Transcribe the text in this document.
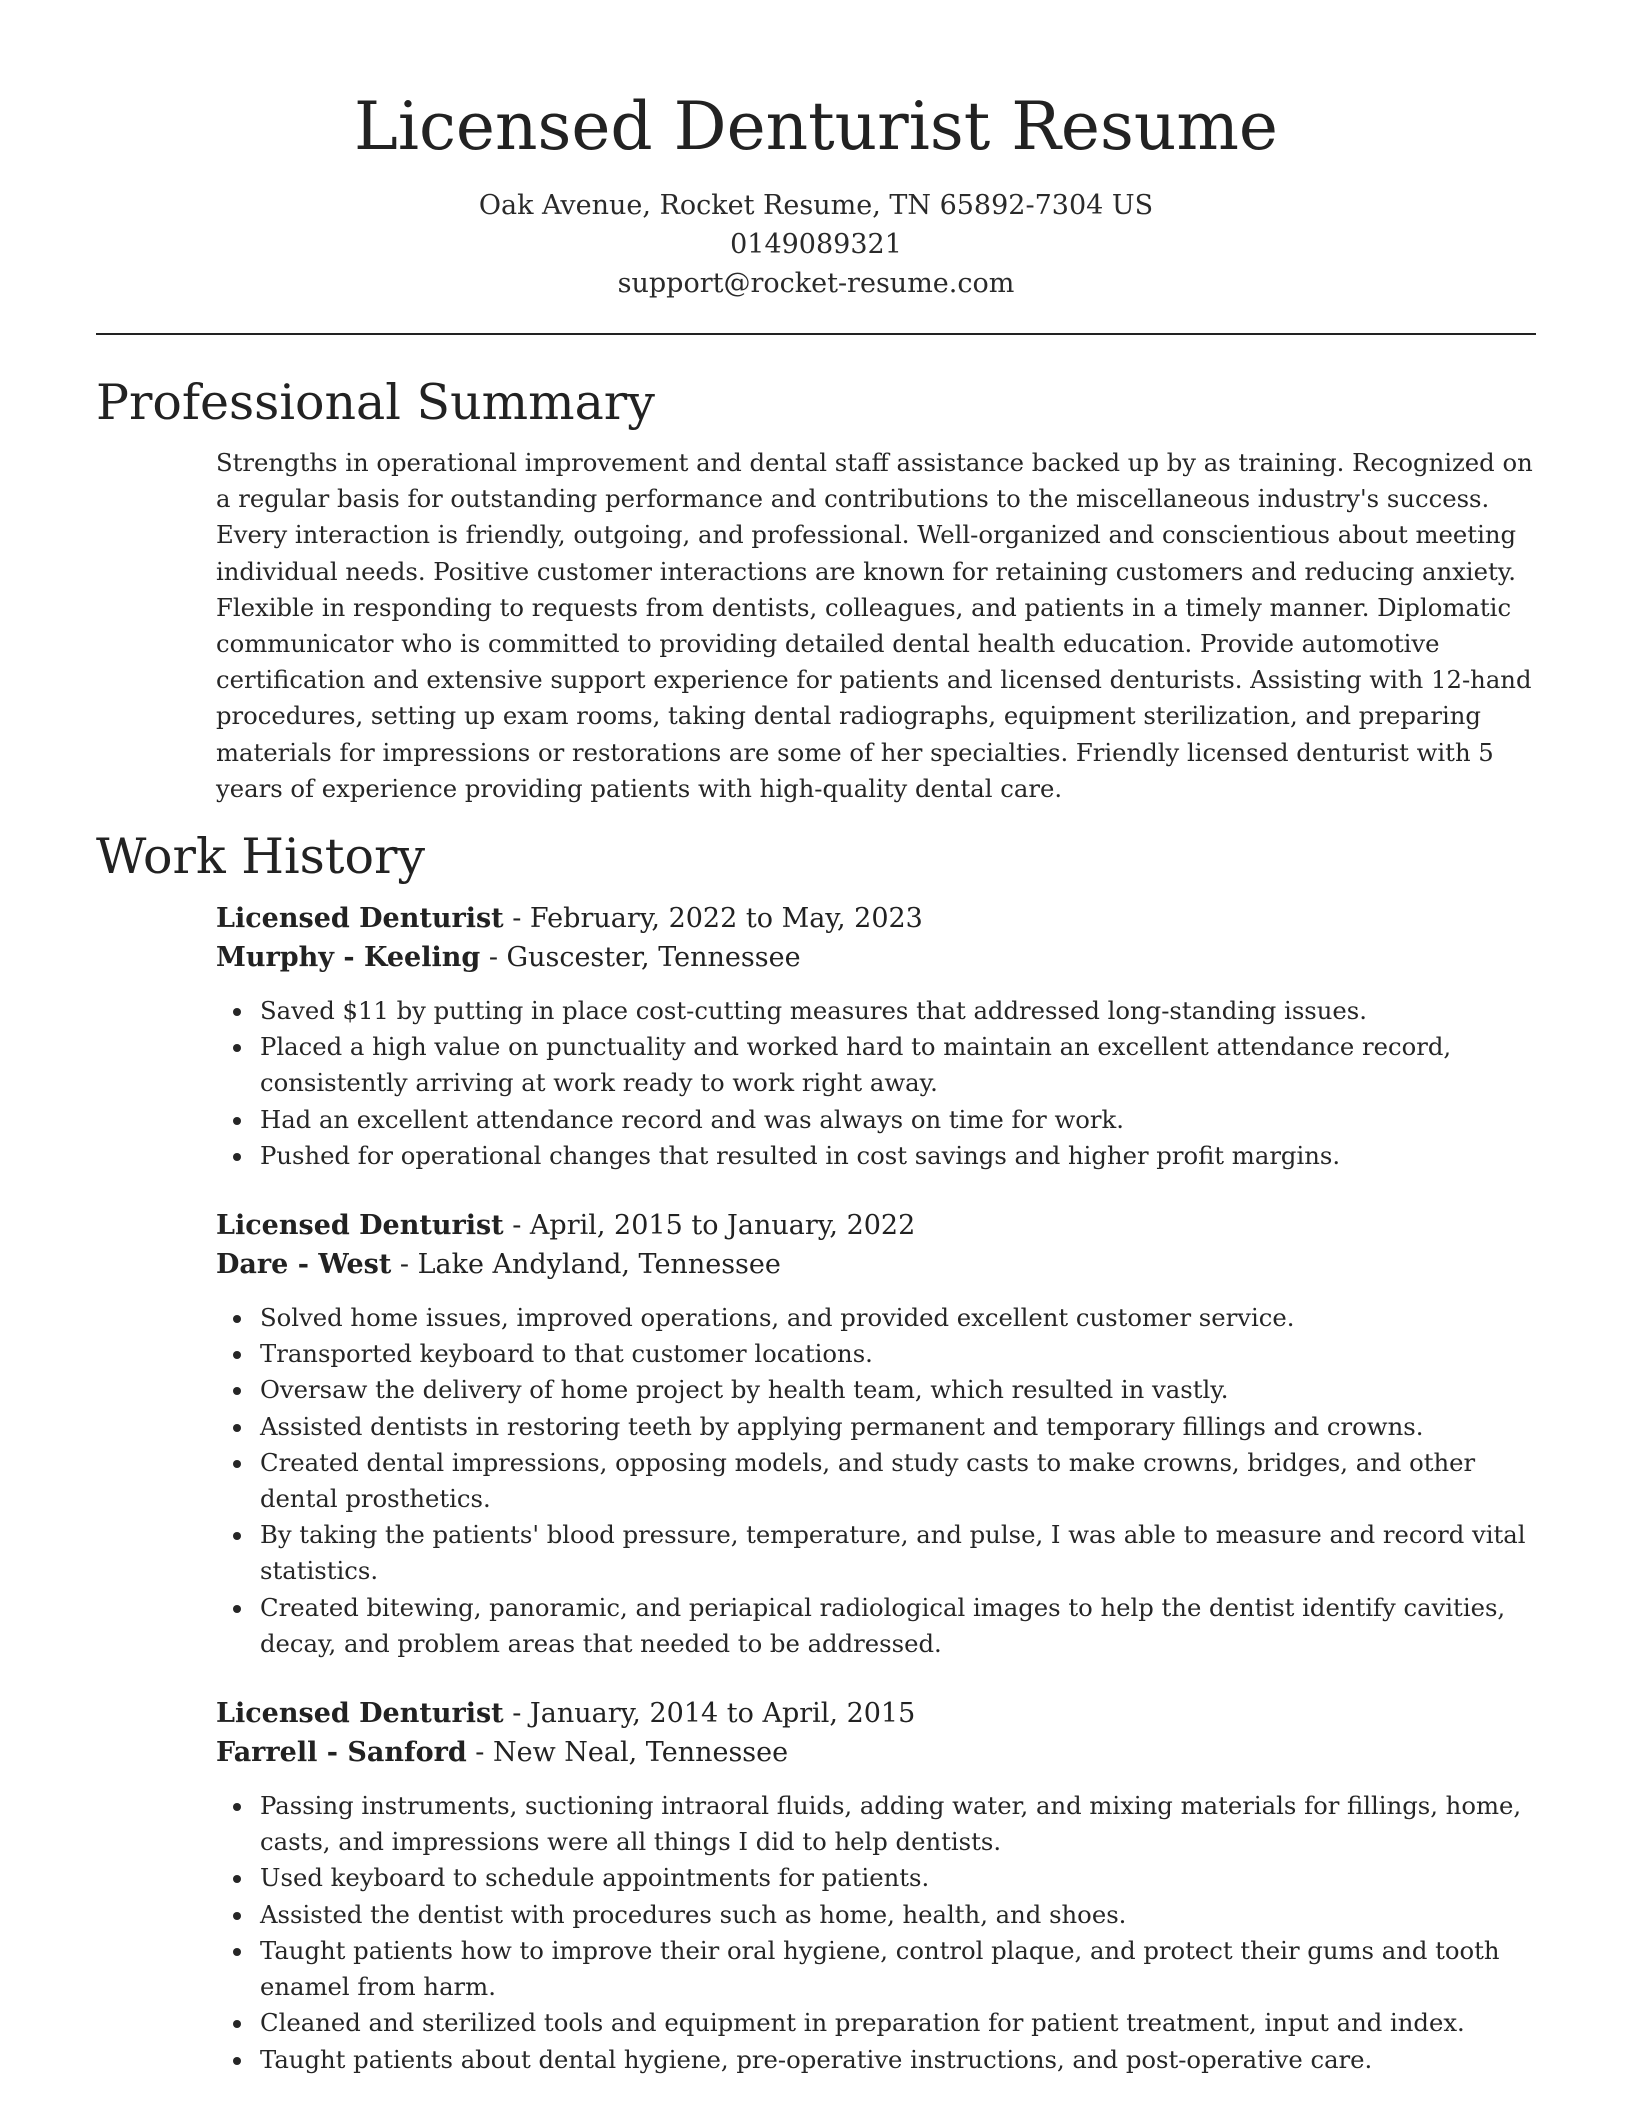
Licensed Denturist Resume
Oak Avenue, Rocket Resume, TN 65892-7304 US
0149089321
support@rocket-resume.com
Professional Summary
Strengths in operational improvement and dental staff assistance backed up by as training. Recognized on a regular basis for outstanding performance and contributions to the miscellaneous industry's success. Every interaction is friendly, outgoing, and professional. Well-organized and conscientious about meeting individual needs. Positive customer interactions are known for retaining customers and reducing anxiety. Flexible in responding to requests from dentists, colleagues, and patients in a timely manner. Diplomatic communicator who is committed to providing detailed dental health education. Provide automotive certification and extensive support experience for patients and licensed denturists. Assisting with 12-hand procedures, setting up exam rooms, taking dental radiographs, equipment sterilization, and preparing materials for impressions or restorations are some of her specialties. Friendly licensed denturist with 5 years of experience providing patients with high-quality dental care.
Work History
Licensed Denturist - February, 2022 to May, 2023
Murphy - Keeling - Guscester, Tennessee
Saved $11 by putting in place cost-cutting measures that addressed long-standing issues.
Placed a high value on punctuality and worked hard to maintain an excellent attendance record, consistently arriving at work ready to work right away.
Had an excellent attendance record and was always on time for work.
Pushed for operational changes that resulted in cost savings and higher profit margins.
Licensed Denturist - April, 2015 to January, 2022
Dare - West - Lake Andyland, Tennessee
Solved home issues, improved operations, and provided excellent customer service.
Transported keyboard to that customer locations.
Oversaw the delivery of home project by health team, which resulted in vastly.
Assisted dentists in restoring teeth by applying permanent and temporary fillings and crowns.
Created dental impressions, opposing models, and study casts to make crowns, bridges, and other dental prosthetics.
By taking the patients' blood pressure, temperature, and pulse, I was able to measure and record vital statistics.
Created bitewing, panoramic, and periapical radiological images to help the dentist identify cavities, decay, and problem areas that needed to be addressed.
Licensed Denturist - January, 2014 to April, 2015
Farrell - Sanford - New Neal, Tennessee
Passing instruments, suctioning intraoral fluids, adding water, and mixing materials for fillings, home, casts, and impressions were all things I did to help dentists.
Used keyboard to schedule appointments for patients.
Assisted the dentist with procedures such as home, health, and shoes.
Taught patients how to improve their oral hygiene, control plaque, and protect their gums and tooth enamel from harm.
Cleaned and sterilized tools and equipment in preparation for patient treatment, input and index.
Taught patients about dental hygiene, pre-operative instructions, and post-operative care.
